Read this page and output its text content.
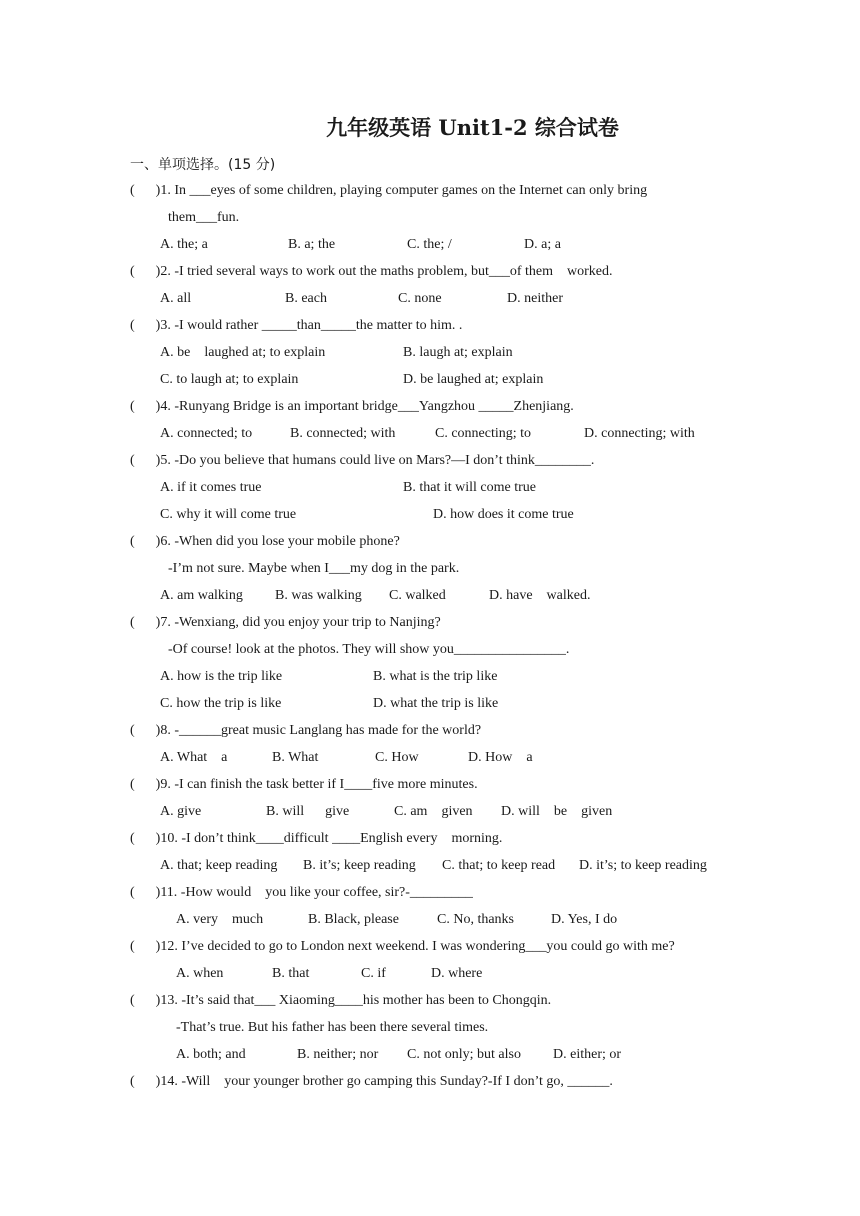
九年级英语 Unit1-2 综合试卷
一、单项选择。(15 分)
(      )1. In ___eyes of some children, playing computer games on the Internet can only bring
them___fun.
A. the; a	B. a; the	C. the; /	D. a; a
(      )2. -I tried several ways to work out the maths problem, but___of them    worked.
A. all	B. each	C. none	D. neither
(      )3. -I would rather _____than_____the matter to him. .
A. be    laughed at; to explain	B. laugh at; explain
C. to laugh at; to explain	D. be laughed at; explain
(      )4. -Runyang Bridge is an important bridge___Yangzhou _____Zhenjiang.
A. connected; to	B. connected; with	C. connecting; to	D. connecting; with
(      )5. -Do you believe that humans could live on Mars?—I don’t think________.
A. if it comes true	B. that it will come true
C. why it will come true	D. how does it come true
(      )6. -When did you lose your mobile phone?
-I’m not sure. Maybe when I___my dog in the park.
A. am walking B. was walking C. walked	D. have    walked.
(      )7. -Wenxiang, did you enjoy your trip to Nanjing?
-Of course! look at the photos. They will show you________________.
A. how is the trip like	B. what is the trip like
C. how the trip is like	D. what the trip is like
(      )8. -______great music Langlang has made for the world?
A. What    a	B. What	C. How	D. How    a
(      )9. -I can finish the task better if I____five more minutes.
A. give	B. will      give	C. am    given D. will    be    given
(      )10. -I don’t think____difficult ____English every    morning.
A. that; keep reading B. it’s; keep reading C. that; to keep read D. it’s; to keep reading
(      )11. -How would    you like your coffee, sir?-_________
A. very    much	B. Black, please	C. No, thanks	D. Yes, I do
(      )12. I’ve decided to go to London next weekend. I was wondering___you could go with me?
A. when	B. that	C. if	D. where
(      )13. -It’s said that___ Xiaoming____his mother has been to Chongqin.
-That’s true. But his father has been there several times.
A. both; and	B. neither; nor C. not only; but also D. either; or
(      )14. -Will    your younger brother go camping this Sunday?-If I don’t go, ______.
